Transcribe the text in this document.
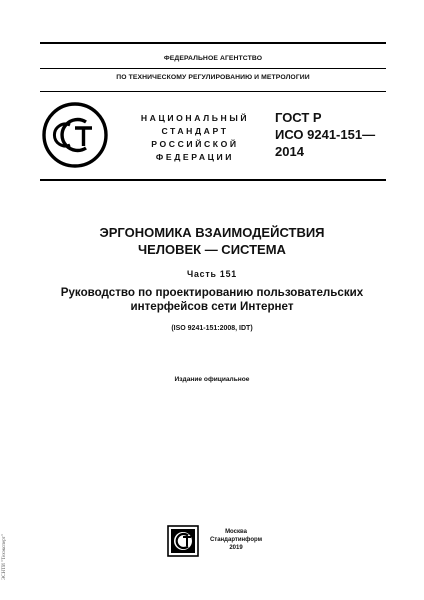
ФЕДЕРАЛЬНОЕ АГЕНТСТВО
ПО ТЕХНИЧЕСКОМУ РЕГУЛИРОВАНИЮ И МЕТРОЛОГИИ
НАЦИОНАЛЬНЫЙ
СТАНДАРТ
РОССИЙСКОЙ
ФЕДЕРАЦИИ
ГОСТ Р
ИСО 9241-151—
2014
ЭРГОНОМИКА ВЗАИМОДЕЙСТВИЯ
ЧЕЛОВЕК — СИСТЕМА
Часть 151
Руководство по проектированию пользовательских
интерфейсов сети Интернет
(ISO 9241-151:2008, IDT)
Издание официальное
Москва
Стандартинформ
2019
ЭСНТИ "Техэксперт"
